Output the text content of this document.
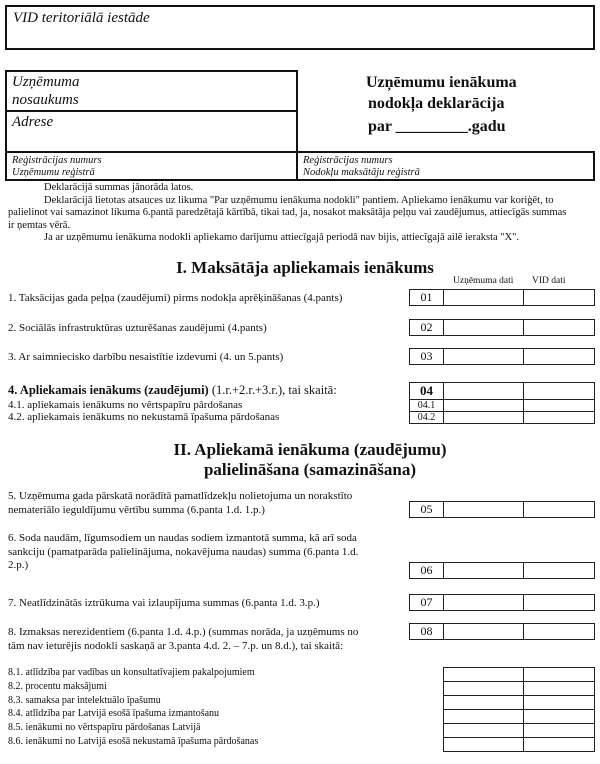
VID teritoriālā iestāde
Uzņēmuma
nosaukums
Adrese
Uzņēmumu ienākuma
nodokļa deklarācija
par _________.gadu
Reģistrācijas numurs
Uzņēmumu reģistrā
Reģistrācijas numurs
Nodokļu maksātāju reģistrā
Deklarācijā summas jānorāda latos.
Deklarācijā lietotas atsauces uz likuma "Par uzņēmumu ienākuma nodokli" pantiem. Apliekamo ienākumu var koriģēt, to
palielinot vai samazinot likuma 6.pantā paredzētajā kārtībā, tikai tad, ja, nosakot maksātāja peļņu vai zaudējumus, attiecīgās summas
ir ņemtas vērā.
Ja ar uzņēmumu ienākuma nodokli apliekamo darījumu attiecīgajā periodā nav bijis, attiecīgajā ailē ieraksta "X".
I. Maksātāja apliekamais ienākums
Uzņēmuma dati VID dati
1. Taksācijas gada peļņa (zaudējumi) pirms nodokļa aprēķināšanas (4.pants)	01
2. Sociālās infrastruktūras uzturēšanas zaudējumi (4.pants)	02
3. Ar saimniecisko darbību nesaistītie izdevumi (4. un 5.pants)	03
4. Apliekamais ienākums (zaudējumi) (1.r.+2.r.+3.r.), tai skaitā:	04
4.1. apliekamais ienākums no vērtspapīru pārdošanas	04.1
4.2. apliekamais ienākums no nekustamā īpašuma pārdošanas	04.2
II. Apliekamā ienākuma (zaudējumu)
palielināšana (samazināšana)
5. Uzņēmuma gada pārskatā norādītā pamatlīdzekļu nolietojuma un norakstīto
nemateriālo ieguldījumu vērtību summa (6.panta 1.d. 1.p.)	05
6. Soda naudām, līgumsodiem un naudas sodiem izmantotā summa, kā arī soda
sankciju (pamatparāda palielinājuma, nokavējuma naudas) summa (6.panta 1.d.
2.p.)	06
7. Neatlīdzinātās iztrūkuma vai izlaupījuma summas (6.panta 1.d. 3.p.)	07
8. Izmaksas nerezidentiem (6.panta 1.d. 4.p.) (summas norāda, ja uzņēmums no
tām nav ieturējis nodokli saskaņā ar 3.panta 4.d. 2. – 7.p. un 8.d.), tai skaitā:
08
8.1. atlīdzība par vadības un konsultatīvajiem pakalpojumiem
8.2. procentu maksājumi
8.3. samaksa par intelektuālo īpašumu
8.4. atlīdzība par Latvijā esošā īpašuma izmantošanu
8.5. ienākumi no vērtspapīru pārdošanas Latvijā
8.6. ienākumi no Latvijā esošā nekustamā īpašuma pārdošanas
